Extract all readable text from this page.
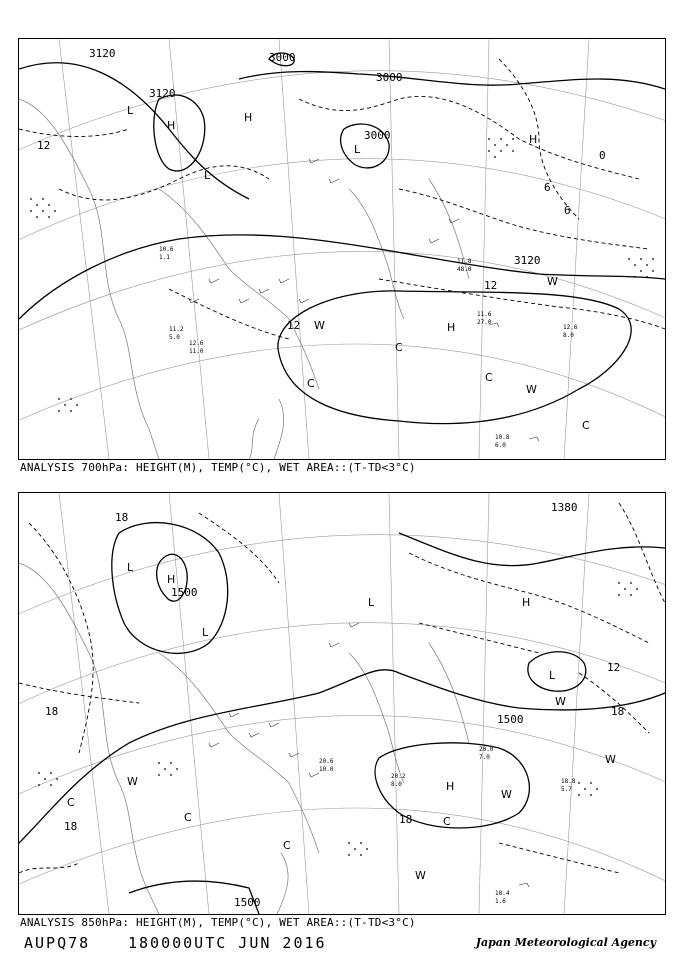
3120	3000
3000
3000
3120
3120
12
12
12
0
6
6
L
H
L
L
H
H
H
C
C	C
C
W
W
W
10.8
6.0
11.6
27.0
12.6
8.0
11.8
48.0
10.6
1.1
11.2
5.0
12.6
11.0
ANALYSIS 700hPa: HEIGHT(M), TEMP(°C), WET AREA::(T-TD<3°C)
1500
1500
1500
1380
18
18
18
12
18
18
L
H
L
L
H
H
L
C
C	C
C
W
W
W
W
W
18.4
1.6
20.2
8.0
20.0
7.0
18.8
5.7
20.6
10.0
ANALYSIS 850hPa: HEIGHT(M), TEMP(°C), WET AREA::(T-TD<3°C)
AUPQ78	180000UTC JUN 2016	Japan Meteorological Agency
